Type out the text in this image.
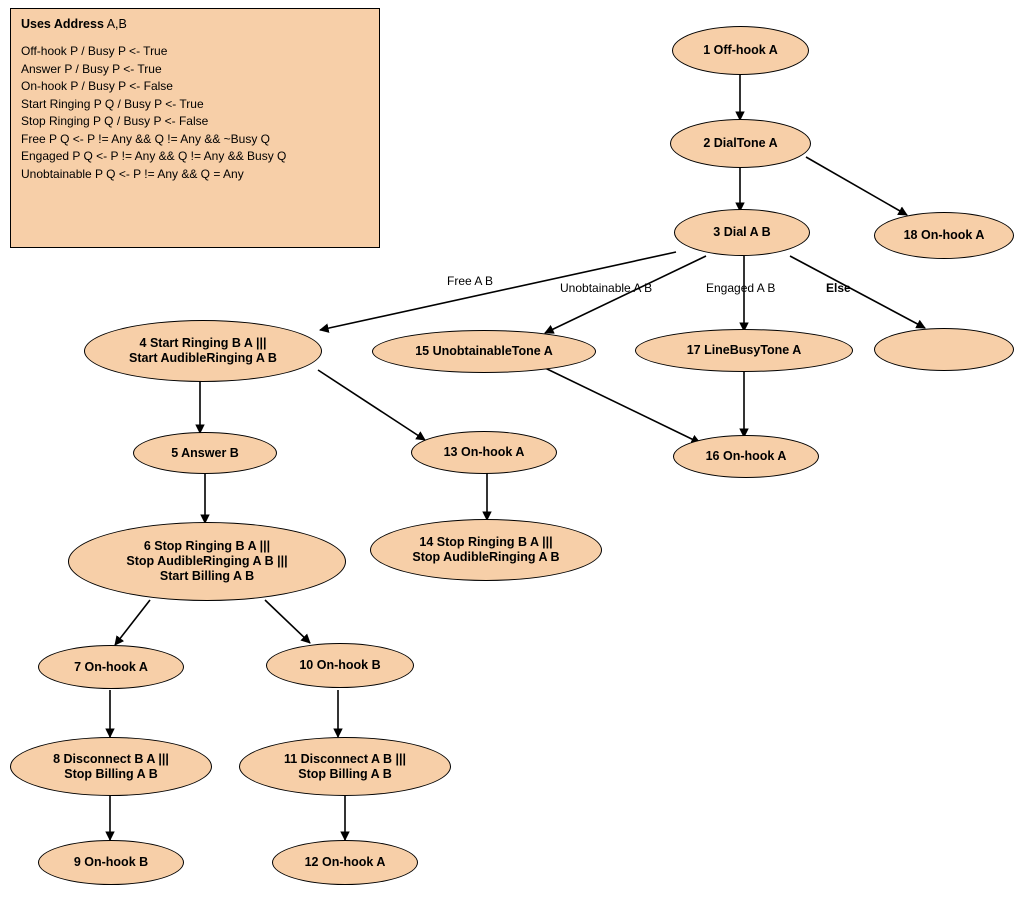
Uses Address A,B
Off-hook P / Busy P <- True
Answer P / Busy P <- True
On-hook P / Busy P <- False
Start Ringing P Q / Busy P <- True
Stop Ringing P Q / Busy P <- False
Free P Q <- P != Any && Q != Any && ~Busy Q
Engaged P Q <- P != Any && Q != Any && Busy Q
Unobtainable P Q <- P != Any && Q = Any
1 Off-hook A
2 DialTone A
3 Dial A B	18 On-hook A
4 Start Ringing B A |||
Start AudibleRinging A B	15 UnobtainableTone A	17 LineBusyTone A
5 Answer B	13 On-hook A	16 On-hook A
6 Stop Ringing B A |||
Stop AudibleRinging A B |||
Start Billing A B
14 Stop Ringing B A |||
Stop AudibleRinging A B
7 On-hook A	10 On-hook B
8 Disconnect B A |||
Stop Billing A B
11 Disconnect A B |||
Stop Billing A B
9 On-hook B	12 On-hook A
Free A B	Unobtainable A B	Engaged A B	Else
